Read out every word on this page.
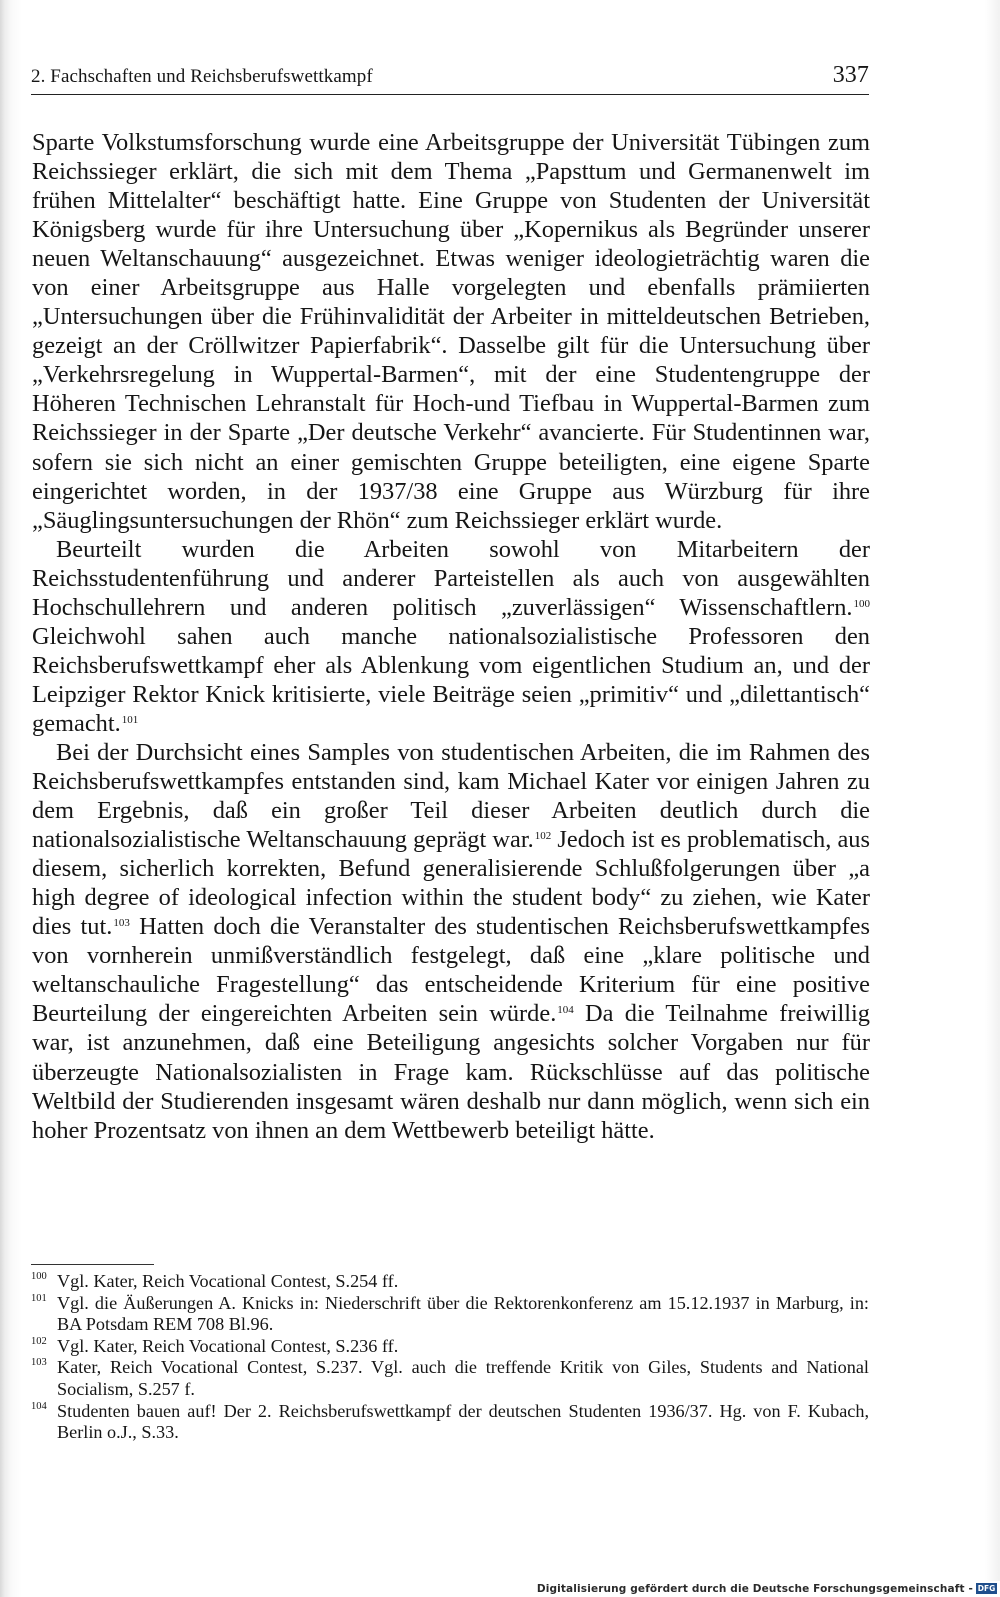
2. Fachschaften und Reichsberufswettkampf	337

Sparte Volkstumsforschung wurde eine Arbeitsgruppe der Universität Tübingen zum Reichssieger erklärt, die sich mit dem Thema „Papsttum und Germanenwelt im frühen Mittelalter“ beschäftigt hatte. Eine Gruppe von Studenten der Universität Königsberg wurde für ihre Untersuchung über „Kopernikus als Begründer unserer neuen Weltanschauung“ ausgezeichnet. Etwas weniger ideologieträchtig waren die von einer Arbeitsgruppe aus Halle vorgelegten und ebenfalls prämiierten „Untersuchungen über die Frühinvalidität der Arbeiter in mitteldeutschen Betrieben, gezeigt an der Cröllwitzer Papierfabrik“. Dasselbe gilt für die Untersuchung über „Verkehrsregelung in Wuppertal-Barmen“, mit der eine Studentengruppe der Höheren Technischen Lehranstalt für Hoch-und Tiefbau in Wuppertal-Barmen zum Reichssieger in der Sparte „Der deutsche Verkehr“ avancierte. Für Studentinnen war, sofern sie sich nicht an einer gemischten Gruppe beteiligten, eine eigene Sparte eingerichtet worden, in der 1937/38 eine Gruppe aus Würzburg für ihre „Säuglingsuntersuchungen der Rhön“ zum Reichssieger erklärt wurde.

Beurteilt wurden die Arbeiten sowohl von Mitarbeitern der Reichsstudentenführung und anderer Parteistellen als auch von ausgewählten Hochschullehrern und anderen politisch „zuverlässigen“ Wissenschaftlern.$^{100}$ Gleichwohl sahen auch manche nationalsozialistische Professoren den Reichsberufswettkampf eher als Ablenkung vom eigentlichen Studium an, und der Leipziger Rektor Knick kritisierte, viele Beiträge seien „primitiv“ und „dilettantisch“ gemacht.$^{101}$

Bei der Durchsicht eines Samples von studentischen Arbeiten, die im Rahmen des Reichsberufswettkampfes entstanden sind, kam Michael Kater vor einigen Jahren zu dem Ergebnis, daß ein großer Teil dieser Arbeiten deutlich durch die nationalsozialistische Weltanschauung geprägt war.$^{102}$ Jedoch ist es problematisch, aus diesem, sicherlich korrekten, Befund generalisierende Schlußfolgerungen über „a high degree of ideological infection within the student body“ zu ziehen, wie Kater dies tut.$^{103}$ Hatten doch die Veranstalter des studentischen Reichsberufswettkampfes von vornherein unmißverständlich festgelegt, daß eine „klare politische und weltanschauliche Fragestellung“ das entscheidende Kriterium für eine positive Beurteilung der eingereichten Arbeiten sein würde.$^{104}$ Da die Teilnahme freiwillig war, ist anzunehmen, daß eine Beteiligung angesichts solcher Vorgaben nur für überzeugte Nationalsozialisten in Frage kam. Rückschlüsse auf das politische Weltbild der Studierenden insgesamt wären deshalb nur dann möglich, wenn sich ein hoher Prozentsatz von ihnen an dem Wettbewerb beteiligt hätte.

100 Vgl. Kater, Reich Vocational Contest, S.254 ff.
101 Vgl. die Äußerungen A. Knicks in: Niederschrift über die Rektorenkonferenz am 15.12.1937 in Marburg, in: BA Potsdam REM 708 Bl.96.
102 Vgl. Kater, Reich Vocational Contest, S.236 ff.
103 Kater, Reich Vocational Contest, S.237. Vgl. auch die treffende Kritik von Giles, Students and National Socialism, S.257 f.
104 Studenten bauen auf! Der 2. Reichsberufswettkampf der deutschen Studenten 1936/37. Hg. von F. Kubach, Berlin o.J., S.33.
Digitalisierung gefördert durch die Deutsche Forschungsgemeinschaft - DFG
